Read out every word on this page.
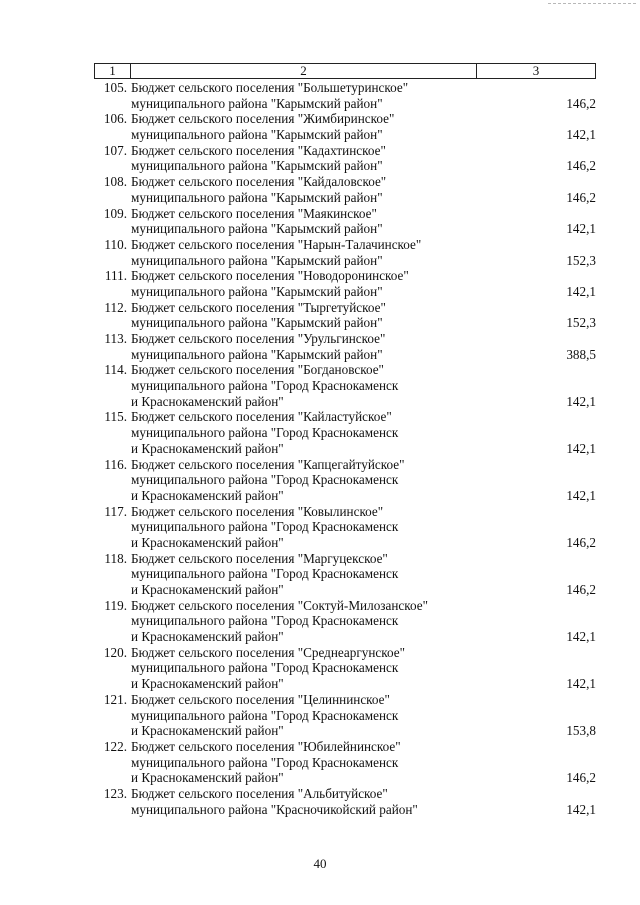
1	2	3
105. Бюджет сельского поселения "Большетуринское"
муниципального района "Карымский район"	146,2
106. Бюджет сельского поселения "Жимбиринское"
муниципального района "Карымский район"	142,1
107. Бюджет сельского поселения "Кадахтинское"
муниципального района "Карымский район"	146,2
108. Бюджет сельского поселения "Кайдаловское"
муниципального района "Карымский район"	146,2
109. Бюджет сельского поселения "Маякинское"
муниципального района "Карымский район"	142,1
110. Бюджет сельского поселения "Нарын-Талачинское"
муниципального района "Карымский район"	152,3
111. Бюджет сельского поселения "Новодоронинское"
муниципального района "Карымский район"	142,1
112. Бюджет сельского поселения "Тыргетуйское"
муниципального района "Карымский район"	152,3
113. Бюджет сельского поселения "Урульгинское"
муниципального района "Карымский район"	388,5
114. Бюджет сельского поселения "Богдановское"
муниципального района "Город Краснокаменск
и Краснокаменский район"	142,1
115. Бюджет сельского поселения "Кайластуйское"
муниципального района "Город Краснокаменск
и Краснокаменский район"	142,1
116. Бюджет сельского поселения "Капцегайтуйское"
муниципального района "Город Краснокаменск
и Краснокаменский район"	142,1
117. Бюджет сельского поселения "Ковылинское"
муниципального района "Город Краснокаменск
и Краснокаменский район"	146,2
118. Бюджет сельского поселения "Маргуцекское"
муниципального района "Город Краснокаменск
и Краснокаменский район"	146,2
119. Бюджет сельского поселения "Соктуй-Милозанское"
муниципального района "Город Краснокаменск
и Краснокаменский район"	142,1
120. Бюджет сельского поселения "Среднеаргунское"
муниципального района "Город Краснокаменск
и Краснокаменский район"	142,1
121. Бюджет сельского поселения "Целиннинское"
муниципального района "Город Краснокаменск
и Краснокаменский район"	153,8
122. Бюджет сельского поселения "Юбилейнинское"
муниципального района "Город Краснокаменск
и Краснокаменский район"	146,2
123. Бюджет сельского поселения "Альбитуйское"
муниципального района "Красночикойский район"	142,1
40
